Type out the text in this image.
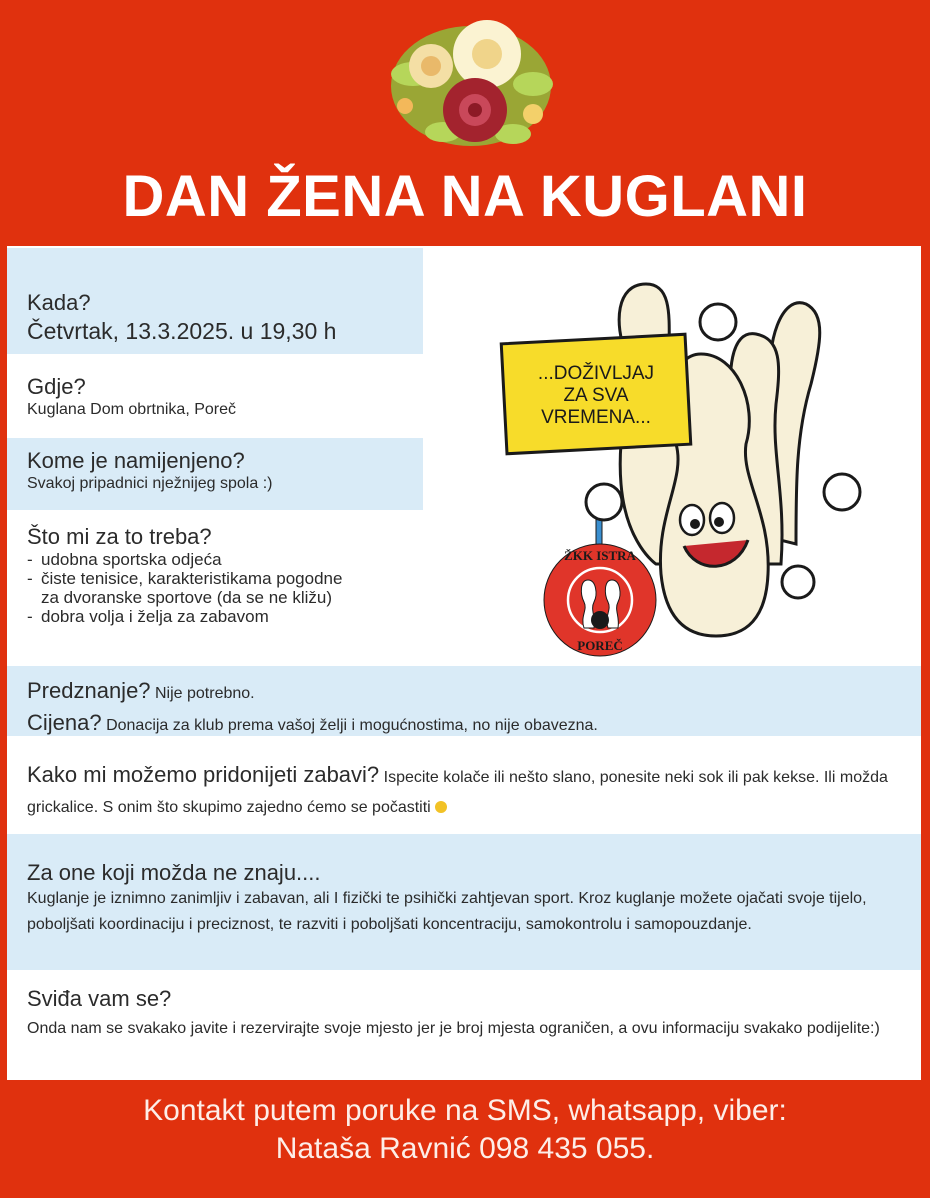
DAN ŽENA NA KUGLANI
Kada?
Četvrtak, 13.3.2025. u 19,30 h
Gdje?
Kuglana Dom obrtnika, Poreč
Kome je namijenjeno?
Svakoj pripadnici nježnijeg spola :)
Što mi za to treba?
- udobna sportska odjeća
- čiste tenisice, karakteristikama pogodne
za dvoranske sportove (da se ne kližu)
- dobra volja i želja za zabavom
Predznanje? Nije potrebno.
Cijena? Donacija za klub prema vašoj želji i mogućnostima, no nije obavezna.
Kako mi možemo pridonijeti zabavi? Ispecite kolače ili nešto slano, ponesite neki sok ili pak kekse. Ili možda grickalice. S onim što skupimo zajedno ćemo se počastiti
Za one koji možda ne znaju....
Kuglanje je iznimno zanimljiv i zabavan, ali I fizički te psihički zahtjevan sport. Kroz kuglanje možete ojačati svoje tijelo, poboljšati koordinaciju i preciznost, te razviti i poboljšati koncentraciju, samokontrolu i samopouzdanje.
Sviđa vam se?
Onda nam se svakako javite i rezervirajte svoje mjesto jer je broj mjesta ograničen, a ovu informaciju svakako podijelite:)
...DOŽIVLJAJ
ZA SVA
VREMENA...
ŽKK ISTRA
POREČ
Kontakt putem poruke na SMS, whatsapp, viber:
Nataša Ravnić 098 435 055.
